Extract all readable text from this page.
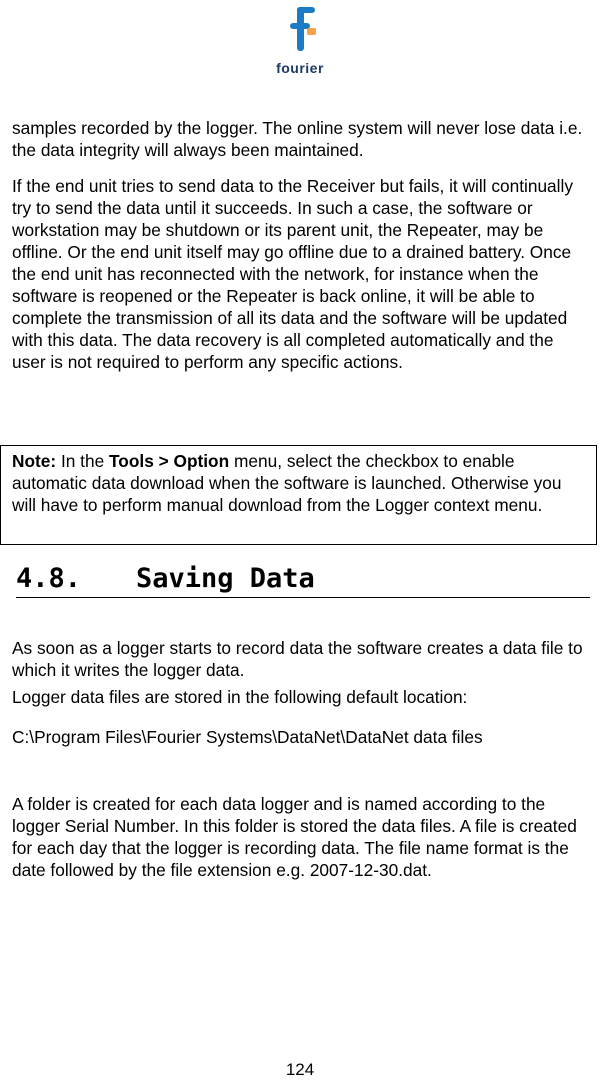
fourier

samples recorded by the logger. The online system will never lose data i.e. the data integrity will always been maintained.

If the end unit tries to send data to the Receiver but fails, it will continually try to send the data until it succeeds. In such a case, the software or workstation may be shutdown or its parent unit, the Repeater, may be offline. Or the end unit itself may go offline due to a drained battery. Once the end unit has reconnected with the network, for instance when the software is reopened or the Repeater is back online, it will be able to complete the transmission of all its data and the software will be updated with this data. The data recovery is all completed automatically and the user is not required to perform any specific actions.

Note: In the Tools > Option menu, select the checkbox to enable automatic data download when the software is launched. Otherwise you will have to perform manual download from the Logger context menu.

4.8. Saving Data

As soon as a logger starts to record data the software creates a data file to which it writes the logger data.

Logger data files are stored in the following default location:

C:\Program Files\Fourier Systems\DataNet\DataNet data files

A folder is created for each data logger and is named according to the logger Serial Number. In this folder is stored the data files. A file is created for each day that the logger is recording data. The file name format is the date followed by the file extension e.g. 2007-12-30.dat.

124
